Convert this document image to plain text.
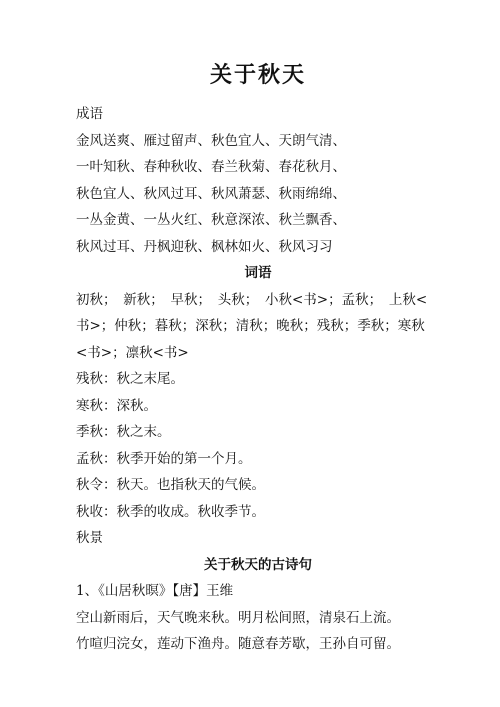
关于秋天
成语
金风送爽、雁过留声、秋色宜人、天朗气清、
一叶知秋、春种秋收、春兰秋菊、春花秋月、
秋色宜人、秋风过耳、秋风萧瑟、秋雨绵绵、
一丛金黄、一丛火红、秋意深浓、秋兰飘香、
秋风过耳、丹枫迎秋、枫林如火、秋风习习
词语
初秋；　新秋；　早秋；　头秋；　小秋<书>；孟秋；　上秋<
书>；仲秋；暮秋；深秋；清秋；晚秋；残秋；季秋；寒秋
<书>；凛秋<书>
残秋：秋之末尾。
寒秋：深秋。
季秋：秋之末。
孟秋：秋季开始的第一个月。
秋令：秋天。也指秋天的气候。
秋收：秋季的收成。秋收季节。
秋景
关于秋天的古诗句
1、《山居秋暝》【唐】王维
空山新雨后，天气晚来秋。明月松间照，清泉石上流。
竹喧归浣女，莲动下渔舟。随意春芳歇，王孙自可留。
